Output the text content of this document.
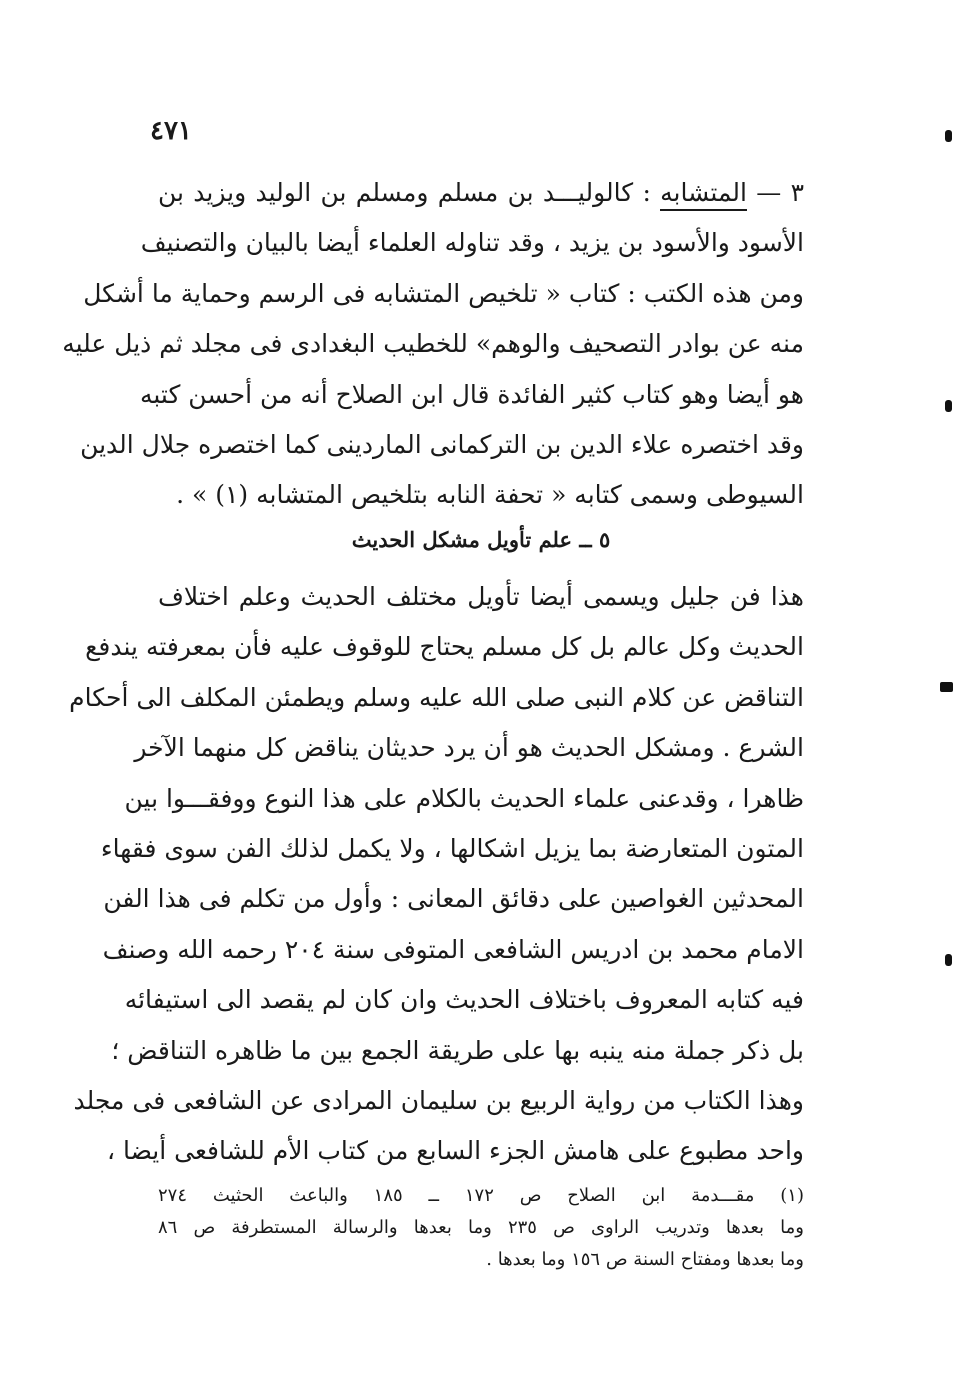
٤٧١
٣ — المتشابه : كالوليـــد بن مسلم ومسلم بن الوليد ويزيد بن
الأسود والأسود بن يزيد ، وقد تناوله العلماء أيضا بالبيان والتصنيف
ومن هذه الكتب : كتاب « تلخيص المتشابه فى الرسم وحماية ما أشكل
منه عن بوادر التصحيف والوهم» للخطيب البغدادى فى مجلد ثم ذيل عليه
هو أيضا وهو كتاب كثير الفائدة قال ابن الصلاح أنه من أحسن كتبه
وقد اختصره علاء الدين بن التركمانى الماردينى كما اختصره جلال الدين
السيوطى وسمى كتابه « تحفة النابه بتلخيص المتشابه (١) » .
٥ ــ علم تأويل مشكل الحديث
هذا فن جليل ويسمى أيضا تأويل مختلف الحديث وعلم اختلاف
الحديث وكل عالم بل كل مسلم يحتاج للوقوف عليه فأن بمعرفته يندفع
التناقض عن كلام النبى صلى الله عليه وسلم ويطمئن المكلف الى أحكام
الشرع . ومشكل الحديث هو أن يرد حديثان يناقض كل منهما الآخر
ظاهرا ، وقدعنى علماء الحديث بالكلام على هذا النوع ووفقـــوا بين
المتون المتعارضة بما يزيل اشكالها ، ولا يكمل لذلك الفن سوى فقهاء
المحدثين الغواصين على دقائق المعانى : وأول من تكلم فى هذا الفن
الامام محمد بن ادريس الشافعى المتوفى سنة ٢٠٤ رحمه الله وصنف
فيه كتابه المعروف باختلاف الحديث وان كان لم يقصد الى استيفائه
بل ذكر جملة منه ينبه بها على طريقة الجمع بين ما ظاهره التناقض ؛
وهذا الكتاب من رواية الربيع بن سليمان المرادى عن الشافعى فى مجلد
واحد مطبوع على هامش الجزء السابع من كتاب الأم للشافعى أيضا ،
(١) مقـــدمة ابن الصلاح ص ١٧٢ ــ ١٨٥ والباعث الحثيث ٢٧٤
وما بعدها وتدريب الراوى ص ٢٣٥ وما بعدها والرسالة المستطرفة ص ٨٦
وما بعدها ومفتاح السنة ص ١٥٦ وما بعدها .
